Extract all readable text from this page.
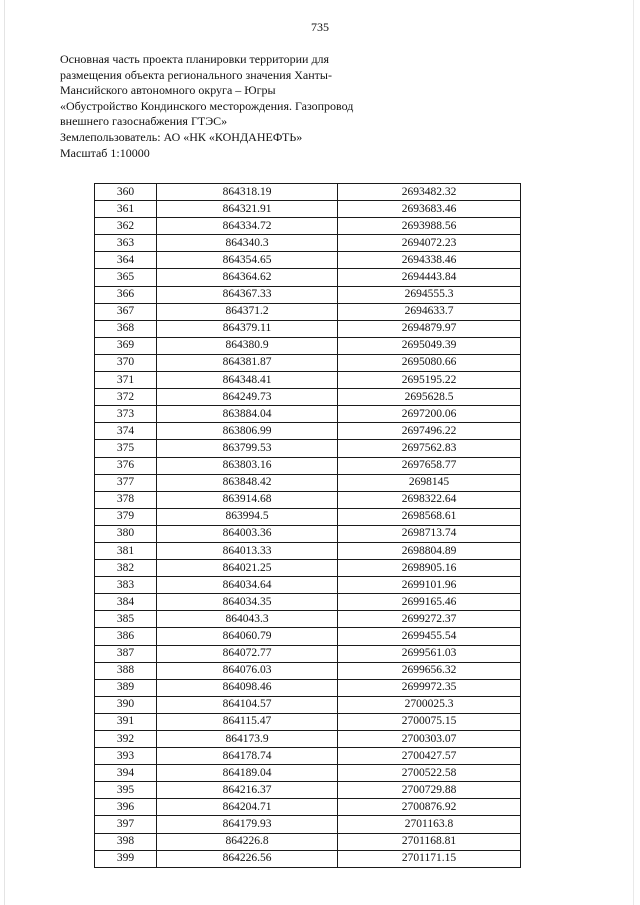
735
Основная часть проекта планировки территории для
размещения объекта регионального значения Ханты-
Мансийского автономного округа – Югры
«Обустройство Кондинского месторождения. Газопровод
внешнего газоснабжения ГТЭС»
Землепользователь: АО «НК «КОНДАНЕФТЬ»
Масштаб 1:10000
360	864318.19	2693482.32
361	864321.91	2693683.46
362	864334.72	2693988.56
363	864340.3	2694072.23
364	864354.65	2694338.46
365	864364.62	2694443.84
366	864367.33	2694555.3
367	864371.2	2694633.7
368	864379.11	2694879.97
369	864380.9	2695049.39
370	864381.87	2695080.66
371	864348.41	2695195.22
372	864249.73	2695628.5
373	863884.04	2697200.06
374	863806.99	2697496.22
375	863799.53	2697562.83
376	863803.16	2697658.77
377	863848.42	2698145
378	863914.68	2698322.64
379	863994.5	2698568.61
380	864003.36	2698713.74
381	864013.33	2698804.89
382	864021.25	2698905.16
383	864034.64	2699101.96
384	864034.35	2699165.46
385	864043.3	2699272.37
386	864060.79	2699455.54
387	864072.77	2699561.03
388	864076.03	2699656.32
389	864098.46	2699972.35
390	864104.57	2700025.3
391	864115.47	2700075.15
392	864173.9	2700303.07
393	864178.74	2700427.57
394	864189.04	2700522.58
395	864216.37	2700729.88
396	864204.71	2700876.92
397	864179.93	2701163.8
398	864226.8	2701168.81
399	864226.56	2701171.15
